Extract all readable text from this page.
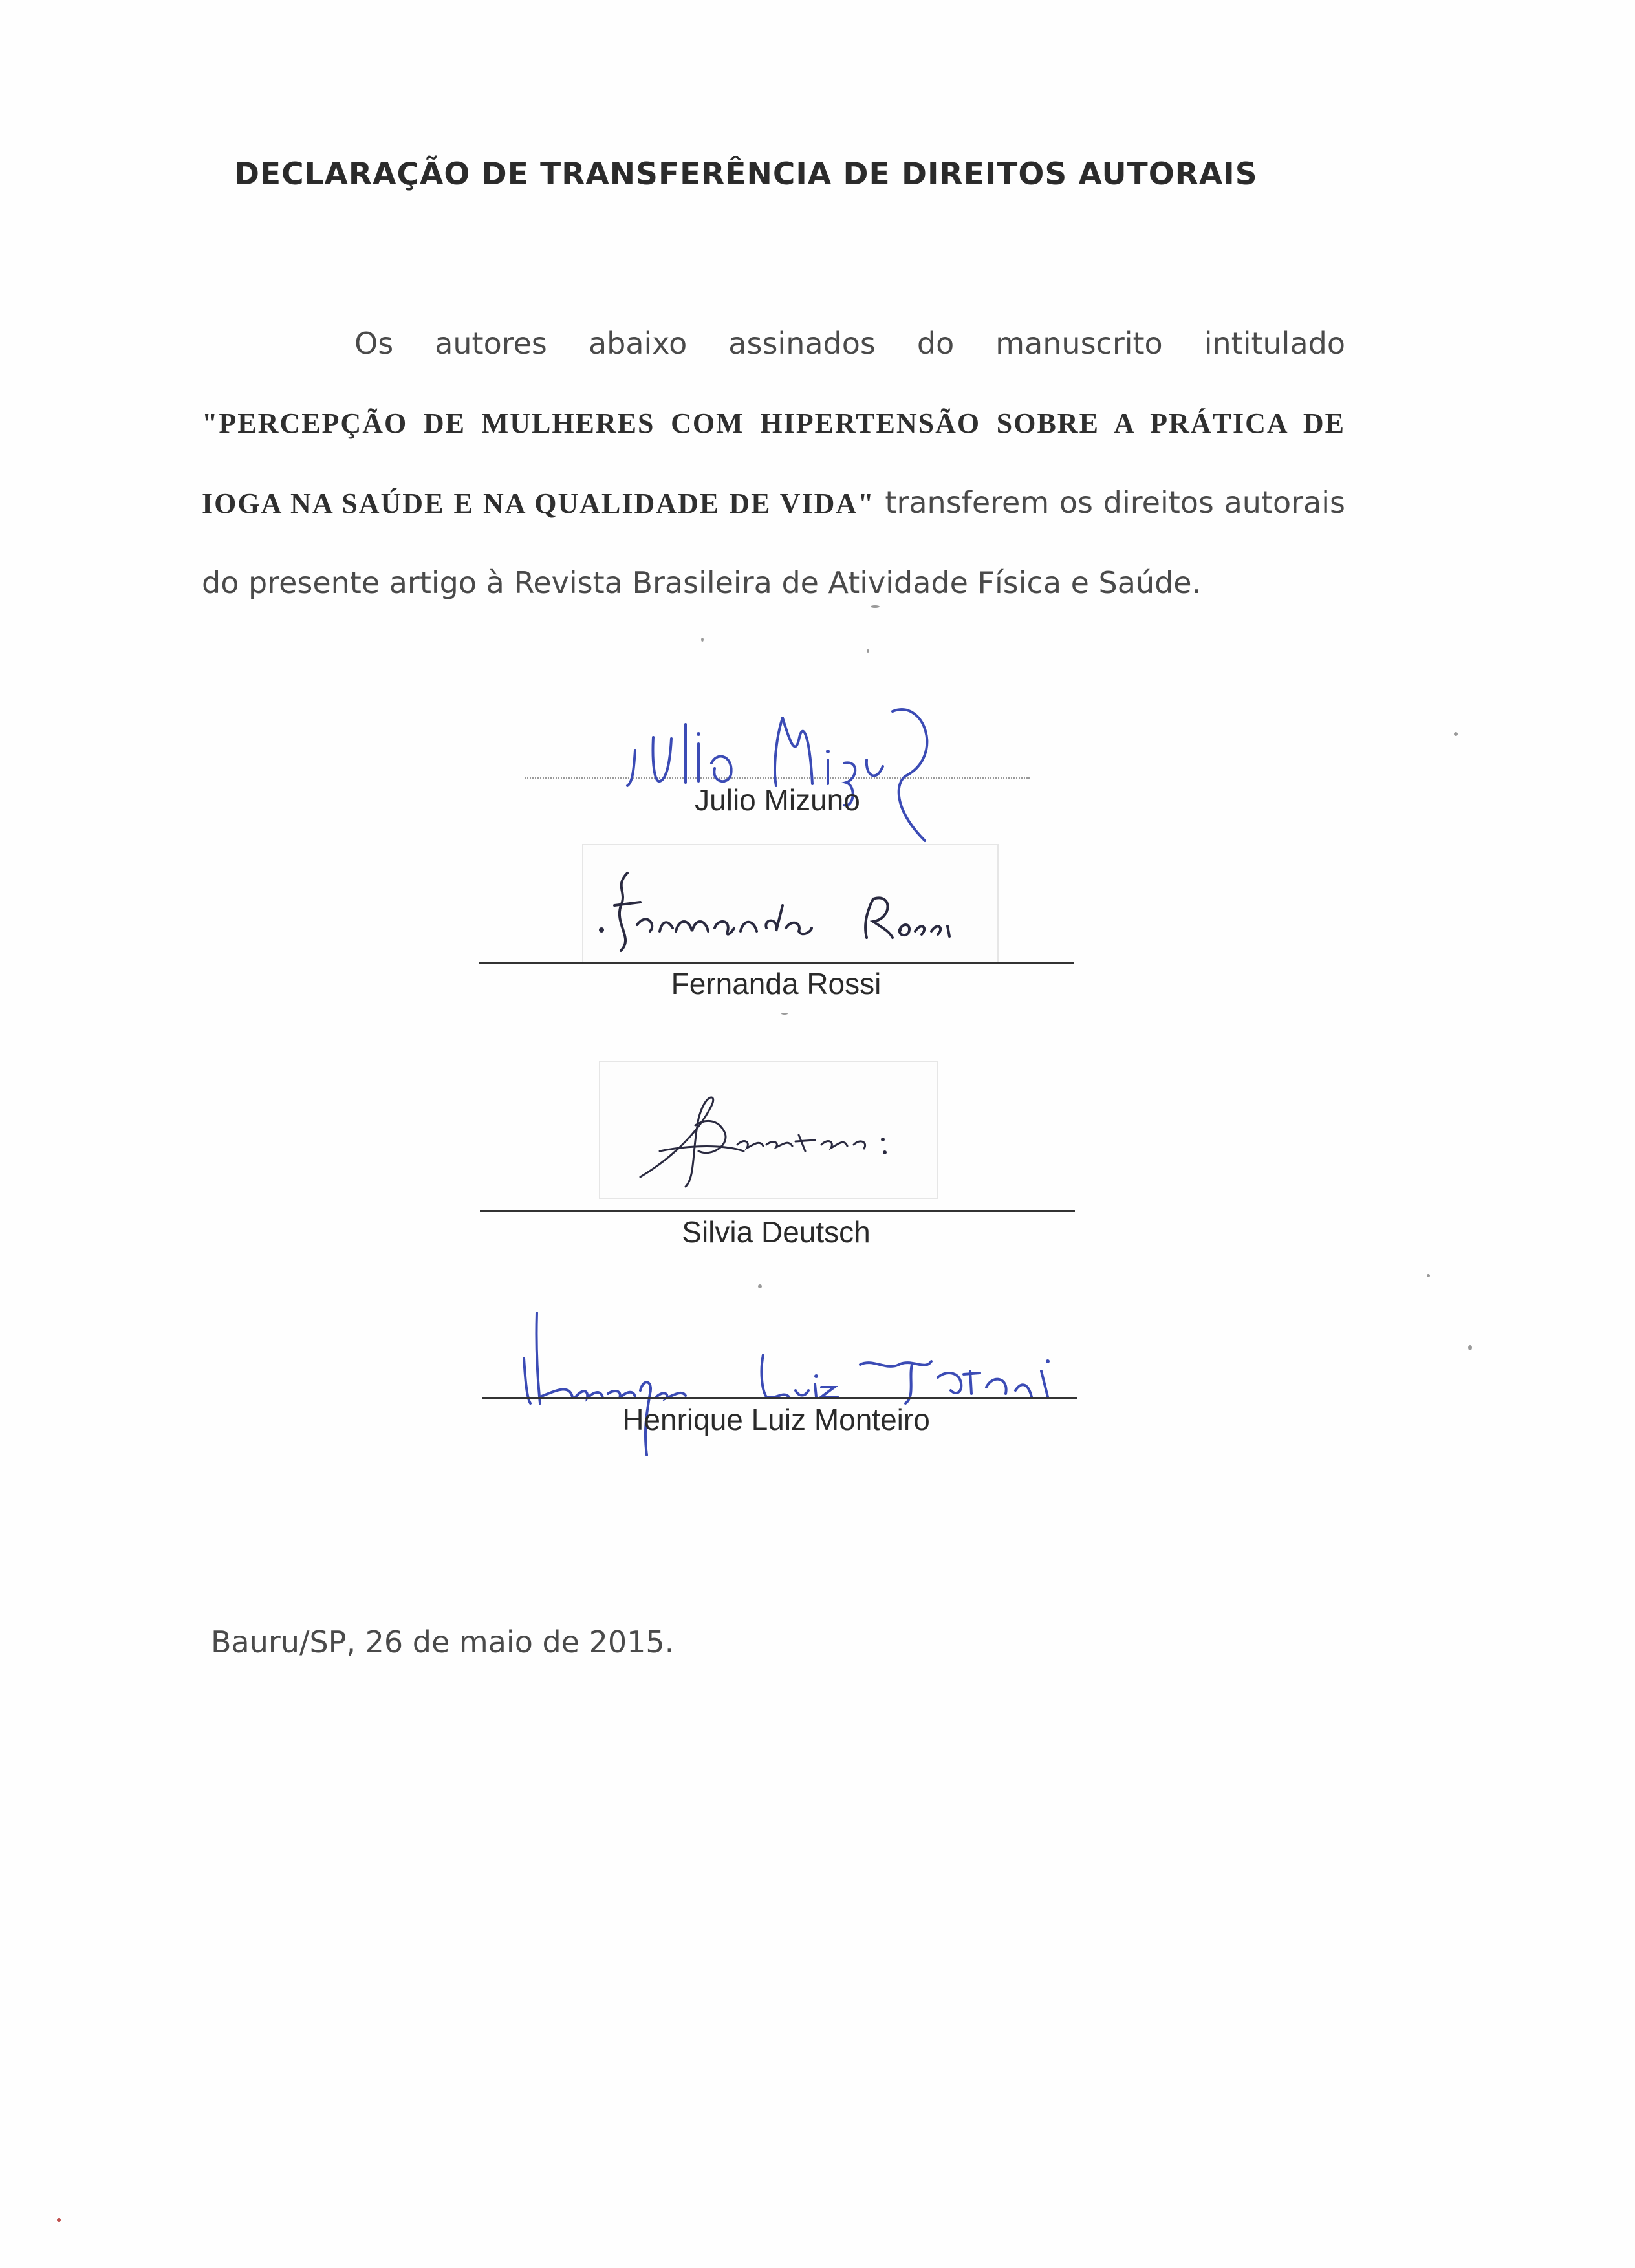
DECLARAÇÃO DE TRANSFERÊNCIA DE DIREITOS AUTORAIS
Os autores abaixo assinados do manuscrito intitulado "PERCEPÇÃO DE MULHERES COM HIPERTENSÃO SOBRE A PRÁTICA DE IOGA NA SAÚDE E NA QUALIDADE DE VIDA" transferem os direitos autorais do presente artigo à Revista Brasileira de Atividade Física e Saúde.
Julio Mizuno
Fernanda Rossi
Silvia Deutsch
Henrique Luiz Monteiro
Bauru/SP, 26 de maio de 2015.
